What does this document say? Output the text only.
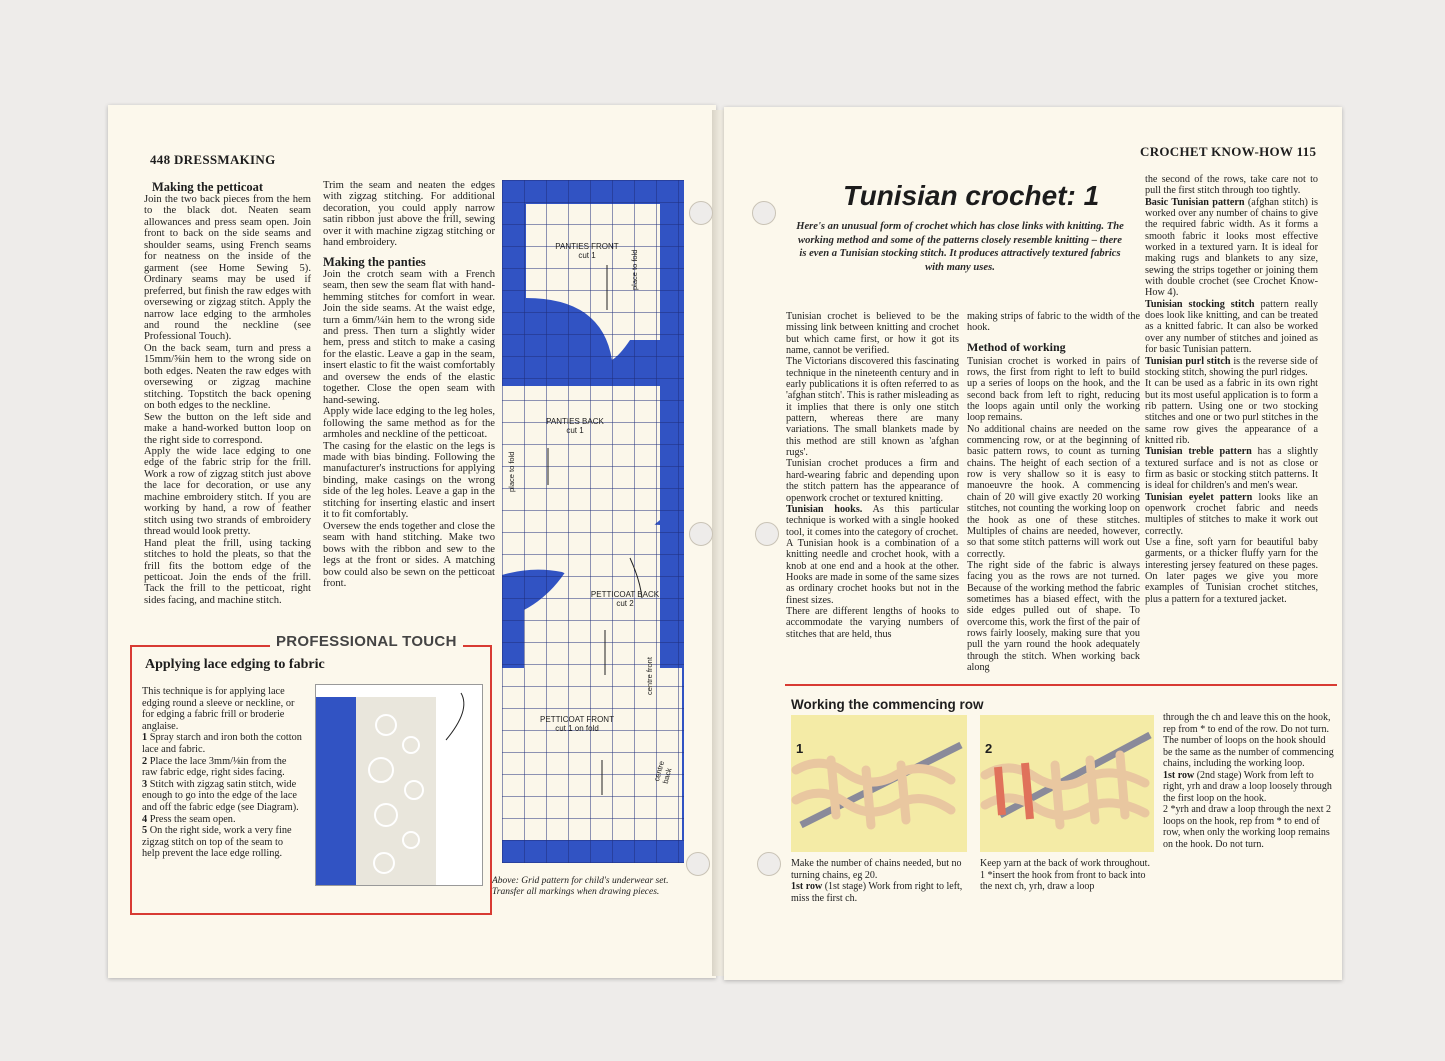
448 DRESSMAKING
Making the petticoat

Join the two back pieces from the hem to the black dot. Neaten seam allowances and press seam open. Join front to back on the side seams and shoulder seams, using French seams for neatness on the inside of the garment (see Home Sewing 5). Ordinary seams may be used if preferred, but finish the raw edges with oversewing or zigzag stitch. Apply the narrow lace edging to the armholes and round the neckline (see Professional Touch).

On the back seam, turn and press a 15mm/⅝in hem to the wrong side on both edges. Neaten the raw edges with oversewing or zigzag machine stitching. Topstitch the back opening on both edges to the neckline.

Sew the button on the left side and make a hand-worked button loop on the right side to correspond.

Apply the wide lace edging to one edge of the fabric strip for the frill. Work a row of zigzag stitch just above the lace for decoration, or use any machine embroidery stitch. If you are working by hand, a row of feather stitch using two strands of embroidery thread would look pretty.

Hand pleat the frill, using tacking stitches to hold the pleats, so that the frill fits the bottom edge of the petticoat. Join the ends of the frill. Tack the frill to the petticoat, right sides facing, and machine stitch.

Trim the seam and neaten the edges with zigzag stitching. For additional decoration, you could apply narrow satin ribbon just above the frill, sewing over it with machine zigzag stitching or hand embroidery.

Making the panties

Join the crotch seam with a French seam, then sew the seam flat with hand-hemming stitches for comfort in wear. Join the side seams. At the waist edge, turn a 6mm/¼in hem to the wrong side and press. Then turn a slightly wider hem, press and stitch to make a casing for the elastic. Leave a gap in the seam, insert elastic to fit the waist comfortably and oversew the ends of the elastic together. Close the open seam with hand-sewing.

Apply wide lace edging to the leg holes, following the same method as for the armholes and neckline of the petticoat.

The casing for the elastic on the legs is made with bias binding. Following the manufacturer's instructions for applying binding, make casings on the wrong side of the leg holes. Leave a gap in the stitching for inserting elastic and insert it to fit comfortably.

Oversew the ends together and close the seam with hand stitching. Make two bows with the ribbon and sew to the legs at the front or sides. A matching bow could also be sewn on the petticoat front.

PANTIES FRONT
cut 1	place to fold
PANTIES BACK
cut 1
place to fold
PETTICOAT BACK
cut 2
PETTICOAT FRONT
cut 1 on fold
centre front
centre back
Above: Grid pattern for child's underwear set. Transfer all markings when drawing pieces.
PROFESSIONAL TOUCH
Applying lace edging to fabric

This technique is for applying lace edging round a sleeve or neckline, or for edging a fabric frill or broderie anglaise.

1 Spray starch and iron both the cotton lace and fabric.

2 Place the lace 3mm/⅛in from the raw fabric edge, right sides facing.

3 Stitch with zigzag satin stitch, wide enough to go into the edge of the lace and off the fabric edge (see Diagram).

4 Press the seam open.

5 On the right side, work a very fine zigzag stitch on top of the seam to help prevent the lace edge rolling.

CROCHET KNOW-HOW 115
Tunisian crochet: 1
Here's an unusual form of crochet which has close links with knitting. The working method and some of the patterns closely resemble knitting – there is even a Tunisian stocking stitch. It produces attractively textured fabrics with many uses.

Tunisian crochet is believed to be the missing link between knitting and crochet but which came first, or how it got its name, cannot be verified.

The Victorians discovered this fascinating technique in the nineteenth century and in early publications it is often referred to as 'afghan stitch'. This is rather misleading as it implies that there is only one stitch pattern, whereas there are many variations. The small blankets made by this method are still known as 'afghan rugs'.

Tunisian crochet produces a firm and hard-wearing fabric and depending upon the stitch pattern has the appearance of openwork crochet or textured knitting.

Tunisian hooks. As this particular technique is worked with a single hooked tool, it comes into the category of crochet.

A Tunisian hook is a combination of a knitting needle and crochet hook, with a knob at one end and a hook at the other. Hooks are made in some of the same sizes as ordinary crochet hooks but not in the finest sizes.

There are different lengths of hooks to accommodate the varying numbers of stitches that are held, thus

making strips of fabric to the width of the hook.

Method of working

Tunisian crochet is worked in pairs of rows, the first from right to left to build up a series of loops on the hook, and the second back from left to right, reducing the loops again until only the working loop remains.

No additional chains are needed on the commencing row, or at the beginning of basic pattern rows, to count as turning chains. The height of each section of a row is very shallow so it is easy to manoeuvre the hook. A commencing chain of 20 will give exactly 20 working stitches, not counting the working loop on the hook as one of these stitches. Multiples of chains are needed, however, so that some stitch patterns will work out correctly.

The right side of the fabric is always facing you as the rows are not turned. Because of the working method the fabric sometimes has a biased effect, with the side edges pulled out of shape. To overcome this, work the first of the pair of rows fairly loosely, making sure that you pull the yarn round the hook adequately through the stitch. When working back along

the second of the rows, take care not to pull the first stitch through too tightly.

Basic Tunisian pattern (afghan stitch) is worked over any number of chains to give the required fabric width. As it forms a smooth fabric it looks most effective worked in a textured yarn. It is ideal for making rugs and blankets to any size, sewing the strips together or joining them with double crochet (see Crochet Know-How 4).

Tunisian stocking stitch pattern really does look like knitting, and can be treated as a knitted fabric. It can also be worked over any number of stitches and joined as for basic Tunisian pattern.

Tunisian purl stitch is the reverse side of stocking stitch, showing the purl ridges.

It can be used as a fabric in its own right but its most useful application is to form a rib pattern. Using one or two stocking stitches and one or two purl stitches in the same row gives the appearance of a knitted rib.

Tunisian treble pattern has a slightly textured surface and is not as close or firm as basic or stocking stitch patterns. It is ideal for children's and men's wear.

Tunisian eyelet pattern looks like an openwork crochet fabric and needs multiples of stitches to make it work out correctly.

Use a fine, soft yarn for beautiful baby garments, or a thicker fluffy yarn for the interesting jersey featured on these pages. On later pages we give you more examples of Tunisian crochet stitches, plus a pattern for a textured jacket.

Working the commencing row
1	2

Make the number of chains needed, but no turning chains, eg 20.

1st row (1st stage) Work from right to left, miss the first ch.

Keep yarn at the back of work throughout.

1 *insert the hook from front to back into the next ch, yrh, draw a loop

through the ch and leave this on the hook, rep from * to end of the row. Do not turn.

The number of loops on the hook should be the same as the number of commencing chains, including the working loop.

1st row (2nd stage) Work from left to right, yrh and draw a loop loosely through the first loop on the hook.

2 *yrh and draw a loop through the next 2 loops on the hook, rep from * to end of row, when only the working loop remains on the hook. Do not turn.
